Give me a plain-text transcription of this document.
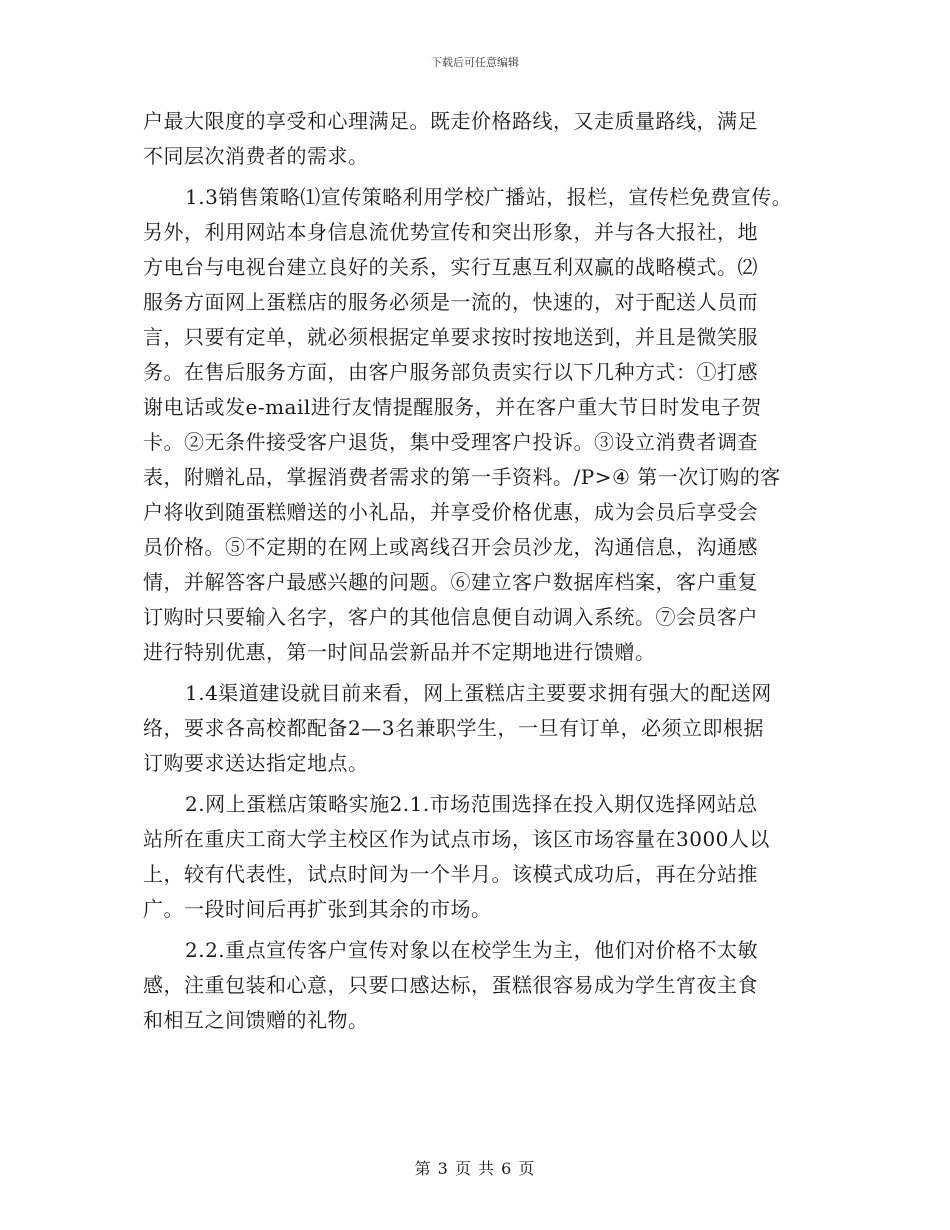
下载后可任意编辑

户最大限度的享受和心理满足。既走价格路线，又走质量路线，满足
不同层次消费者的需求。

1.3销售策略⑴宣传策略利用学校广播站，报栏，宣传栏免费宣传。
另外，利用网站本身信息流优势宣传和突出形象，并与各大报社，地
方电台与电视台建立良好的关系，实行互惠互利双赢的战略模式。⑵
服务方面网上蛋糕店的服务必须是一流的，快速的，对于配送人员而
言，只要有定单，就必须根据定单要求按时按地送到，并且是微笑服
务。在售后服务方面，由客户服务部负责实行以下几种方式：①打感
谢电话或发e-mail进行友情提醒服务，并在客户重大节日时发电子贺
卡。②无条件接受客户退货，集中受理客户投诉。③设立消费者调查
表，附赠礼品，掌握消费者需求的第一手资料。/P>④ 第一次订购的客
户将收到随蛋糕赠送的小礼品，并享受价格优惠，成为会员后享受会
员价格。⑤不定期的在网上或离线召开会员沙龙，沟通信息，沟通感
情，并解答客户最感兴趣的问题。⑥建立客户数据库档案，客户重复
订购时只要输入名字，客户的其他信息便自动调入系统。⑦会员客户
进行特别优惠，第一时间品尝新品并不定期地进行馈赠。

1.4渠道建设就目前来看，网上蛋糕店主要要求拥有强大的配送网
络，要求各高校都配备2—3名兼职学生，一旦有订单，必须立即根据
订购要求送达指定地点。

2.网上蛋糕店策略实施2.1.市场范围选择在投入期仅选择网站总
站所在重庆工商大学主校区作为试点市场，该区市场容量在3000人以
上，较有代表性，试点时间为一个半月。该模式成功后，再在分站推
广。一段时间后再扩张到其余的市场。

2.2.重点宣传客户宣传对象以在校学生为主，他们对价格不太敏
感，注重包装和心意，只要口感达标，蛋糕很容易成为学生宵夜主食
和相互之间馈赠的礼物。

第 3 页 共 6 页
